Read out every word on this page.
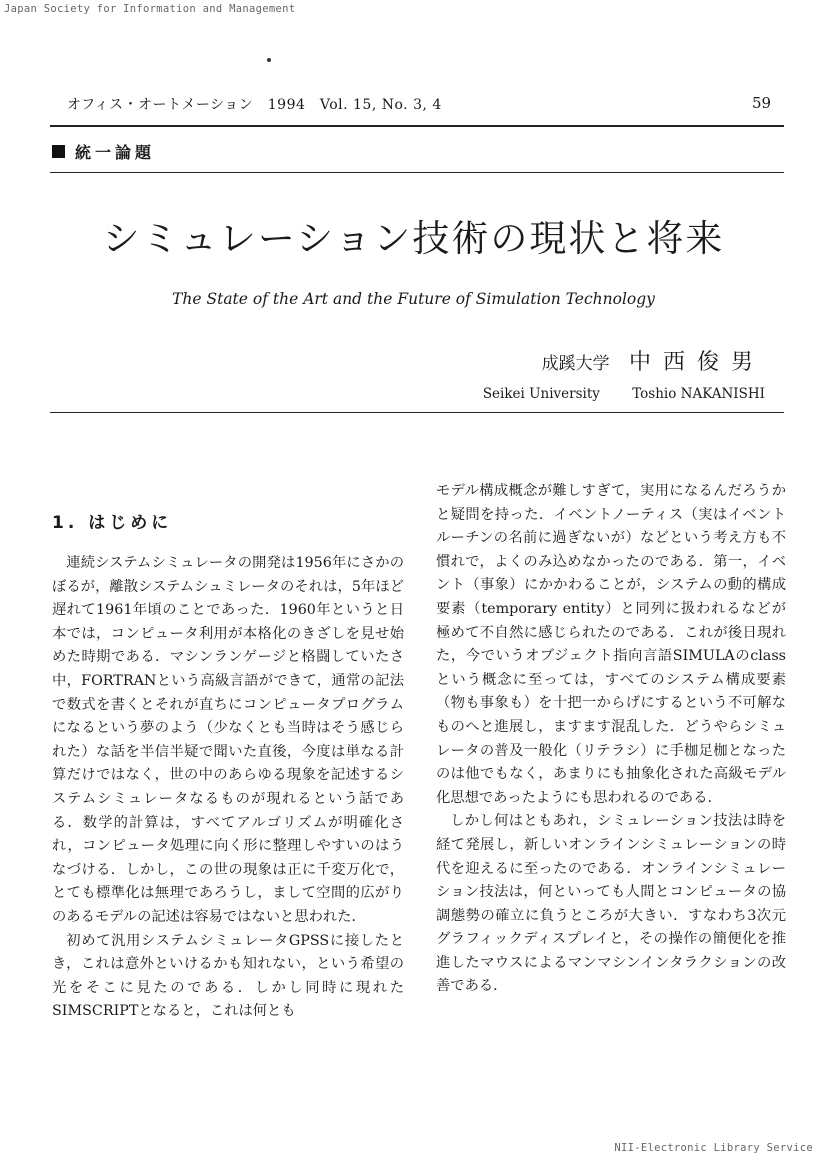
Japan Society for Information and Management
オフィス・オートメーション　1994　Vol. 15, No. 3, 4	59
統一論題
シミュレーション技術の現状と将来
The State of the Art and the Future of Simulation Technology
成蹊大学 中西俊男
Seikei University Toshio NAKANISHI
1. はじめに

連続システムシミュレータの開発は1956年にさかのぼるが，離散システムシュミレータのそれは，5年ほど遅れて1961年頃のことであった．1960年というと日本では，コンピュータ利用が本格化のきざしを見せ始めた時期である．マシンランゲージと格闘していたさ中，FORTRANという高級言語ができて，通常の記法で数式を書くとそれが直ちにコンピュータプログラムになるという夢のよう（少なくとも当時はそう感じられた）な話を半信半疑で聞いた直後，今度は単なる計算だけではなく，世の中のあらゆる現象を記述するシステムシミュレータなるものが現れるという話である．数学的計算は，すべてアルゴリズムが明確化され，コンピュータ処理に向く形に整理しやすいのはうなづける．しかし，この世の現象は正に千変万化で，とても標準化は無理であろうし，まして空間的広がりのあるモデルの記述は容易ではないと思われた．

初めて汎用システムシミュレータGPSSに接したとき，これは意外といけるかも知れない，という希望の光をそこに見たのである．しかし同時に現れたSIMSCRIPTとなると，これは何とも

モデル構成概念が難しすぎて，実用になるんだろうかと疑問を持った．イベントノーティス（実はイベントルーチンの名前に過ぎないが）などという考え方も不慣れで，よくのみ込めなかったのである．第一，イベント（事象）にかかわることが，システムの動的構成要素（temporary entity）と同列に扱われるなどが極めて不自然に感じられたのである．これが後日現れた，今でいうオブジェクト指向言語SIMULAのclassという概念に至っては，すべてのシステム構成要素（物も事象も）を十把一からげにするという不可解なものへと進展し，ますます混乱した．どうやらシミュレータの普及一般化（リテラシ）に手枷足枷となったのは他でもなく，あまりにも抽象化された高級モデル化思想であったようにも思われるのである．

しかし何はともあれ，シミュレーション技法は時を経て発展し，新しいオンラインシミュレーションの時代を迎えるに至ったのである．オンラインシミュレーション技法は，何といっても人間とコンピュータの協調態勢の確立に負うところが大きい．すなわち3次元グラフィックディスプレイと，その操作の簡便化を推進したマウスによるマンマシンインタラクションの改善である．

NII-Electronic Library Service
